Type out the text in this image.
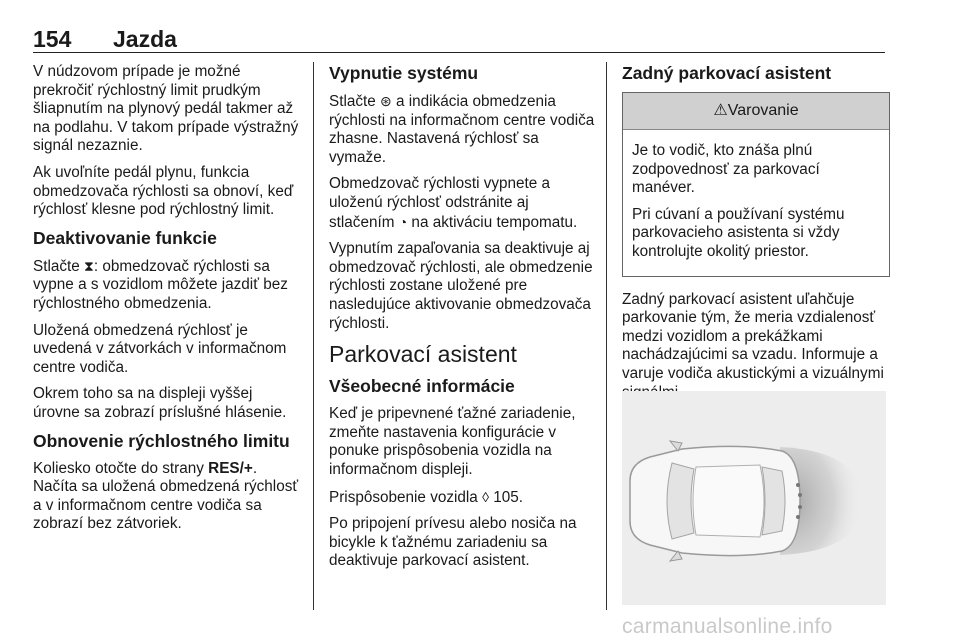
154 Jazda

V núdzovom prípade je možné prekročiť rýchlostný limit prudkým šliapnutím na plynový pedál takmer až na podlahu. V takom prípade výstražný signál nezaznie.

Ak uvoľníte pedál plynu, funkcia obmedzovača rýchlosti sa obnoví, keď rýchlosť klesne pod rýchlostný limit.

Deaktivovanie funkcie

Stlačte ⧗: obmedzovač rýchlosti sa vypne a s vozidlom môžete jazdiť bez rýchlostného obmedzenia.

Uložená obmedzená rýchlosť je uvedená v zátvorkách v informačnom centre vodiča.

Okrem toho sa na displeji vyššej úrovne sa zobrazí príslušné hlásenie.

Obnovenie rýchlostného limitu

Koliesko otočte do strany RES/+. Načíta sa uložená obmedzená rýchlosť a v informačnom centre vodiča sa zobrazí bez zátvoriek.

Vypnutie systému

Stlačte ⊛ a indikácia obmedzenia rýchlosti na informačnom centre vodiča zhasne. Nastavená rýchlosť sa vymaže.

Obmedzovač rýchlosti vypnete a uloženú rýchlosť odstránite aj stlačením ◔ na aktiváciu tempomatu.

Vypnutím zapaľovania sa deaktivuje aj obmedzovač rýchlosti, ale obmedzenie rýchlosti zostane uložené pre nasledujúce aktivovanie obmedzovača rýchlosti.

Parkovací asistent
Všeobecné informácie

Keď je pripevnené ťažné zariadenie, zmeňte nastavenia konfigurácie v ponuke prispôsobenia vozidla na informačnom displeji.

Prispôsobenie vozidla ◊ 105.

Po pripojení prívesu alebo nosiča na bicykle k ťažnému zariadeniu sa deaktivuje parkovací asistent.

Zadný parkovací asistent
⚠Varovanie

Je to vodič, kto znáša plnú zodpovednosť za parkovací manéver.

Pri cúvaní a používaní systému parkovacieho asistenta si vždy kontrolujte okolitý priestor.

Zadný parkovací asistent uľahčuje parkovanie tým, že meria vzdialenosť medzi vozidlom a prekážkami nachádzajúcimi sa vzadu. Informuje a varuje vodiča akustickými a vizuálnymi

carmanualsonline.info
